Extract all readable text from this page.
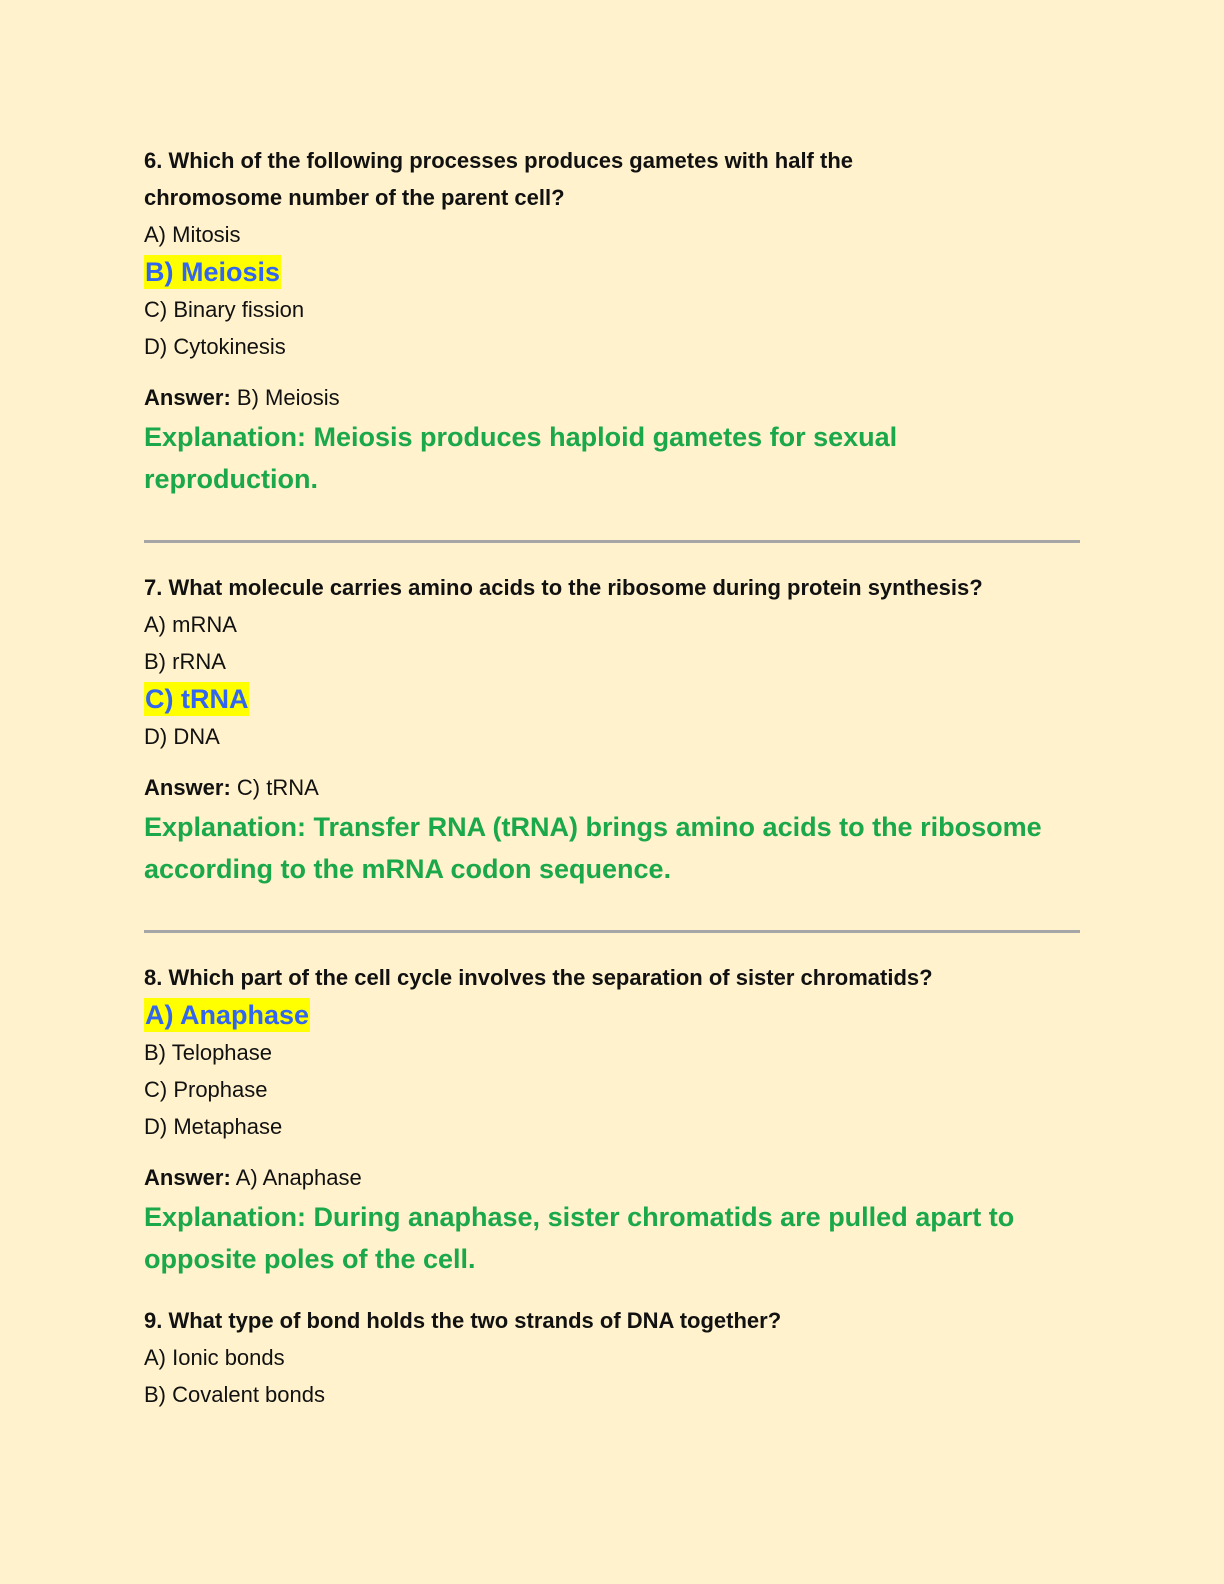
6. Which of the following processes produces gametes with half the chromosome number of the parent cell?

A) Mitosis
B) Meiosis
C) Binary fission
D) Cytokinesis
Answer: B) Meiosis

Explanation: Meiosis produces haploid gametes for sexual reproduction.

7. What molecule carries amino acids to the ribosome during protein synthesis?

A) mRNA
B) rRNA
C) tRNA
D) DNA
Answer: C) tRNA

Explanation: Transfer RNA (tRNA) brings amino acids to the ribosome according to the mRNA codon sequence.

8. Which part of the cell cycle involves the separation of sister chromatids?

A) Anaphase
B) Telophase
C) Prophase
D) Metaphase
Answer: A) Anaphase

Explanation: During anaphase, sister chromatids are pulled apart to opposite poles of the cell.

9. What type of bond holds the two strands of DNA together?

A) Ionic bonds
B) Covalent bonds
